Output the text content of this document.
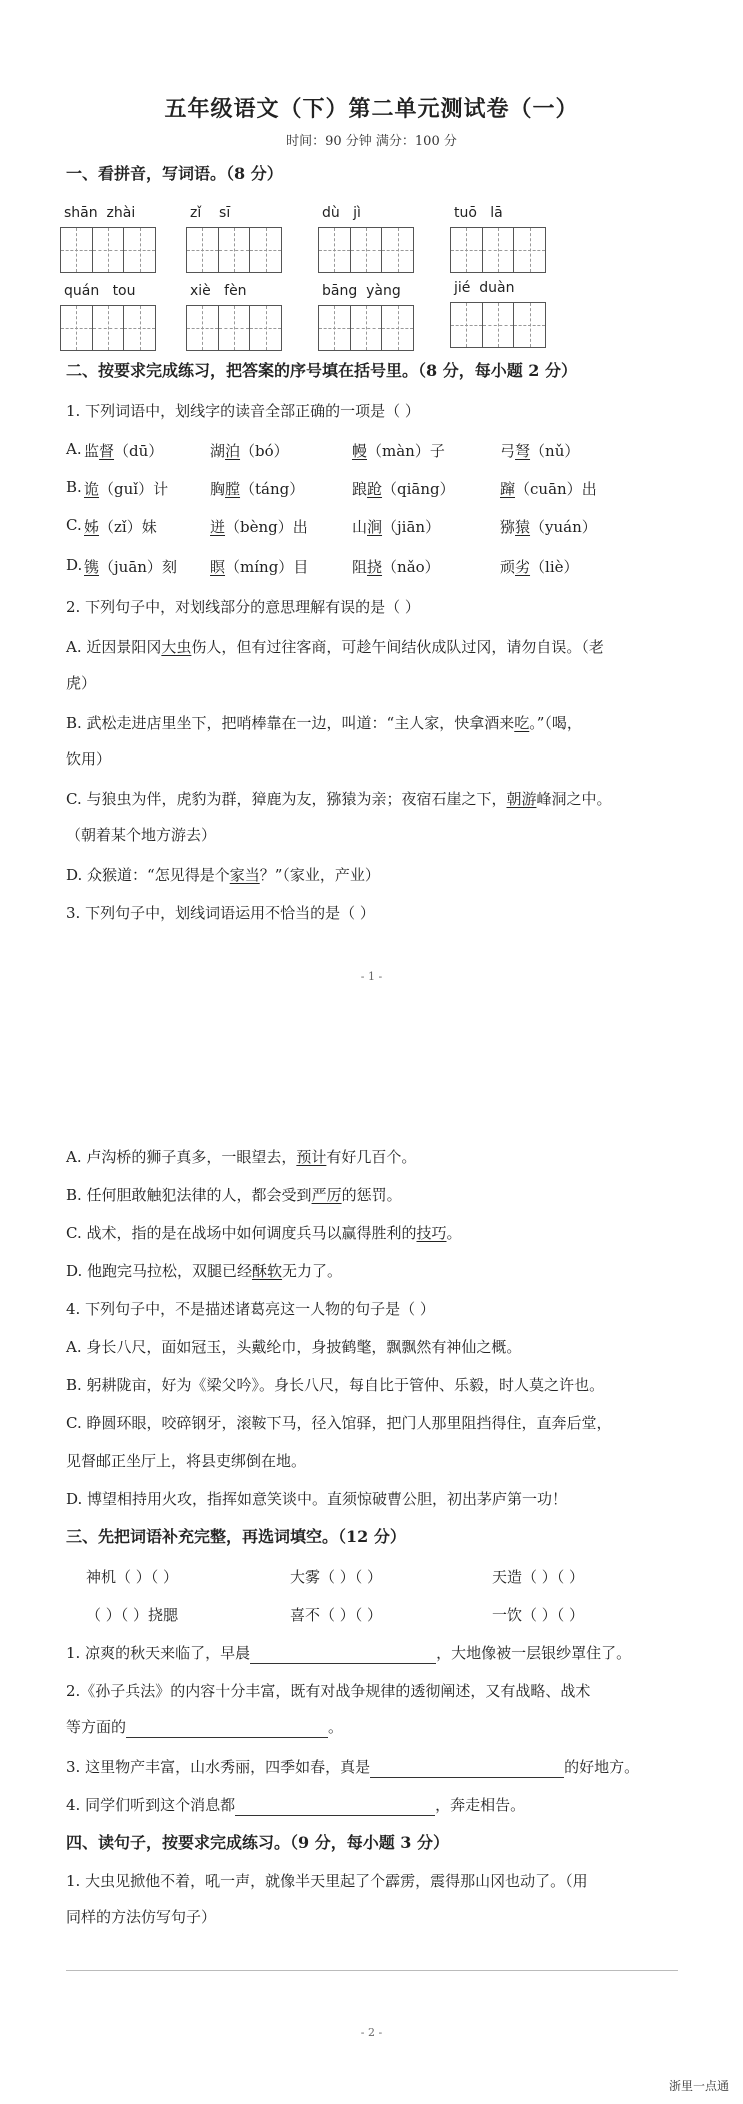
五年级语文（下）第二单元测试卷（一）
时间：90 分钟 满分：100 分
一、看拼音，写词语。（8 分）
shān  zhài	zǐ    sī	dù   jì	tuō   lā
quán   tou	xiè   fèn	bāng  yàng	jié  duàn
二、按要求完成练习，把答案的序号填在括号里。（8 分，每小题 2 分）
1. 下列词语中，划线字的读音全部正确的一项是（ ）
A. 监督（dū）	湖泊（bó）	幔（màn）子	弓弩（nǔ）
B. 诡（guǐ）计	胸膛（táng）	踉跄（qiāng）	蹿（cuān）出
C. 姊（zǐ）妹	迸（bèng）出	山涧（jiān）	猕猿（yuán）
D. 镌（juān）刻 瞑（míng）目	阻挠（nǎo）	顽劣（liè）
2. 下列句子中，对划线部分的意思理解有误的是（ ）
A. 近因景阳冈大虫伤人，但有过往客商，可趁午间结伙成队过冈，请勿自误。（老
虎）
B. 武松走进店里坐下，把哨棒靠在一边，叫道：“主人家，快拿酒来吃。”（喝，
饮用）
C. 与狼虫为伴，虎豹为群，獐鹿为友，猕猿为亲；夜宿石崖之下，朝游峰洞之中。
（朝着某个地方游去）
D. 众猴道：“怎见得是个家当？”（家业，产业）
3. 下列句子中，划线词语运用不恰当的是（ ）
- 1 -
A. 卢沟桥的狮子真多，一眼望去，预计有好几百个。
B. 任何胆敢触犯法律的人，都会受到严厉的惩罚。
C. 战术，指的是在战场中如何调度兵马以赢得胜利的技巧。
D. 他跑完马拉松，双腿已经酥软无力了。
4. 下列句子中，不是描述诸葛亮这一人物的句子是（ ）
A. 身长八尺，面如冠玉，头戴纶巾，身披鹤氅，飘飘然有神仙之概。
B. 躬耕陇亩，好为《梁父吟》。身长八尺，每自比于管仲、乐毅，时人莫之许也。
C. 睁圆环眼，咬碎钢牙，滚鞍下马，径入馆驿，把门人那里阻挡得住，直奔后堂，
见督邮正坐厅上，将县吏绑倒在地。
D. 博望相持用火攻，指挥如意笑谈中。直须惊破曹公胆，初出茅庐第一功！
三、先把词语补充完整，再选词填空。（12 分）
神机（ ）（ ）	大雾（ ）（ ）	天造（ ）（ ）
（ ）（ ）挠腮	喜不（ ）（ ）	一饮（ ）（ ）
1. 凉爽的秋天来临了，早晨	，大地像被一层银纱罩住了。
2.《孙子兵法》的内容十分丰富，既有对战争规律的透彻阐述，又有战略、战术
等方面的	。
3. 这里物产丰富，山水秀丽，四季如春，真是	的好地方。
4. 同学们听到这个消息都	，奔走相告。
四、读句子，按要求完成练习。（9 分，每小题 3 分）
1. 大虫见掀他不着，吼一声，就像半天里起了个霹雳，震得那山冈也动了。（用
同样的方法仿写句子）
- 2 -
浙里一点通
